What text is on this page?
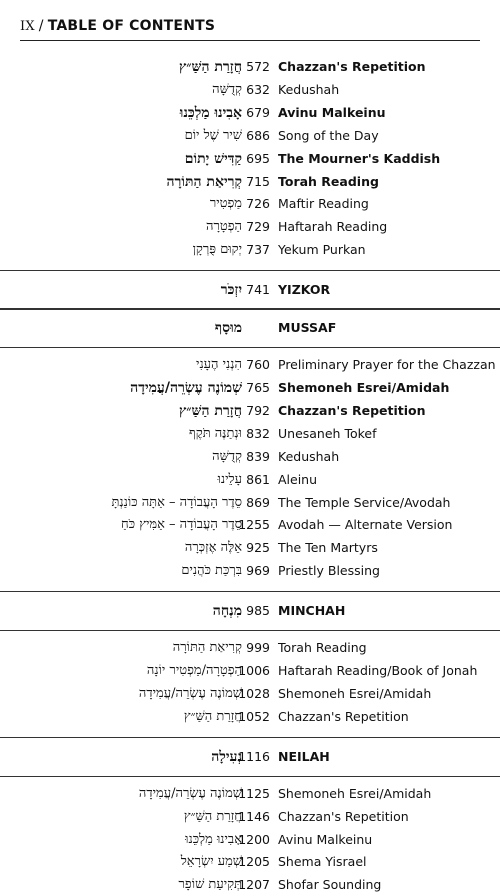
IX / TABLE OF CONTENTS
חֲזָרַת הַשַּׁ״ץ 572 Chazzan's Repetition
קְדֻשָּׁה 632 Kedushah
אָבִינוּ מַלְכֵּנוּ 679 Avinu Malkeinu
שִׁיר שֶׁל יוֹם 686 Song of the Day
קַדִּישׁ יָתוֹם 695 The Mourner's Kaddish
קְרִיאַת הַתּוֹרָה 715 Torah Reading
מַפְטִיר 726 Maftir Reading
הַפְטָרָה 729 Haftarah Reading
יְקוּם פֻּרְקָן 737 Yekum Purkan
יִזְכֹּר 741 YIZKOR
מוּסָף	MUSSAF
הִנְנִי הֶעָנִי 760 Preliminary Prayer for the Chazzan
שְׁמוֹנֶה עֶשְׂרֵה/עֲמִידָה 765 Shemoneh Esrei/Amidah
חֲזָרַת הַשַּׁ״ץ 792 Chazzan's Repetition
וּנְתַנֶּה תֹּקֶף 832 Unesaneh Tokef
קְדֻשָּׁה 839 Kedushah
עָלֵינוּ 861 Aleinu
סֵדֶר הָעֲבוֹדָה – אַתָּה כּוֹנַנְתָּ 869 The Temple Service/Avodah
סֵדֶר הָעֲבוֹדָה – אַמִּיץ כֹּחַ
1255 Avodah — Alternate Version
אֵלֶּה אֶזְכְּרָה 925 The Ten Martyrs
בִּרְכַּת כֹּהֲנִים 969 Priestly Blessing
מִנְחָה 985 MINCHAH
קְרִיאַת הַתּוֹרָה 999 Torah Reading
הַפְטָרָה/מַפְטִיר יוֹנָה
1006 Haftarah Reading/Book of Jonah
שְׁמוֹנֶה עֶשְׂרֵה/עֲמִידָה
1028 Shemoneh Esrei/Amidah
חֲזָרַת הַשַּׁ״ץ
1052 Chazzan's Repetition
נְעִילָה
1116 NEILAH
שְׁמוֹנֶה עֶשְׂרֵה/עֲמִידָה
1125 Shemoneh Esrei/Amidah
חֲזָרַת הַשַּׁ״ץ
1146 Chazzan's Repetition
אָבִינוּ מַלְכֵּנוּ
1200 Avinu Malkeinu
שְׁמַע יִשְׂרָאֵל
1205 Shema Yisrael
תְּקִיעַת שׁוֹפָר
1207 Shofar Sounding
